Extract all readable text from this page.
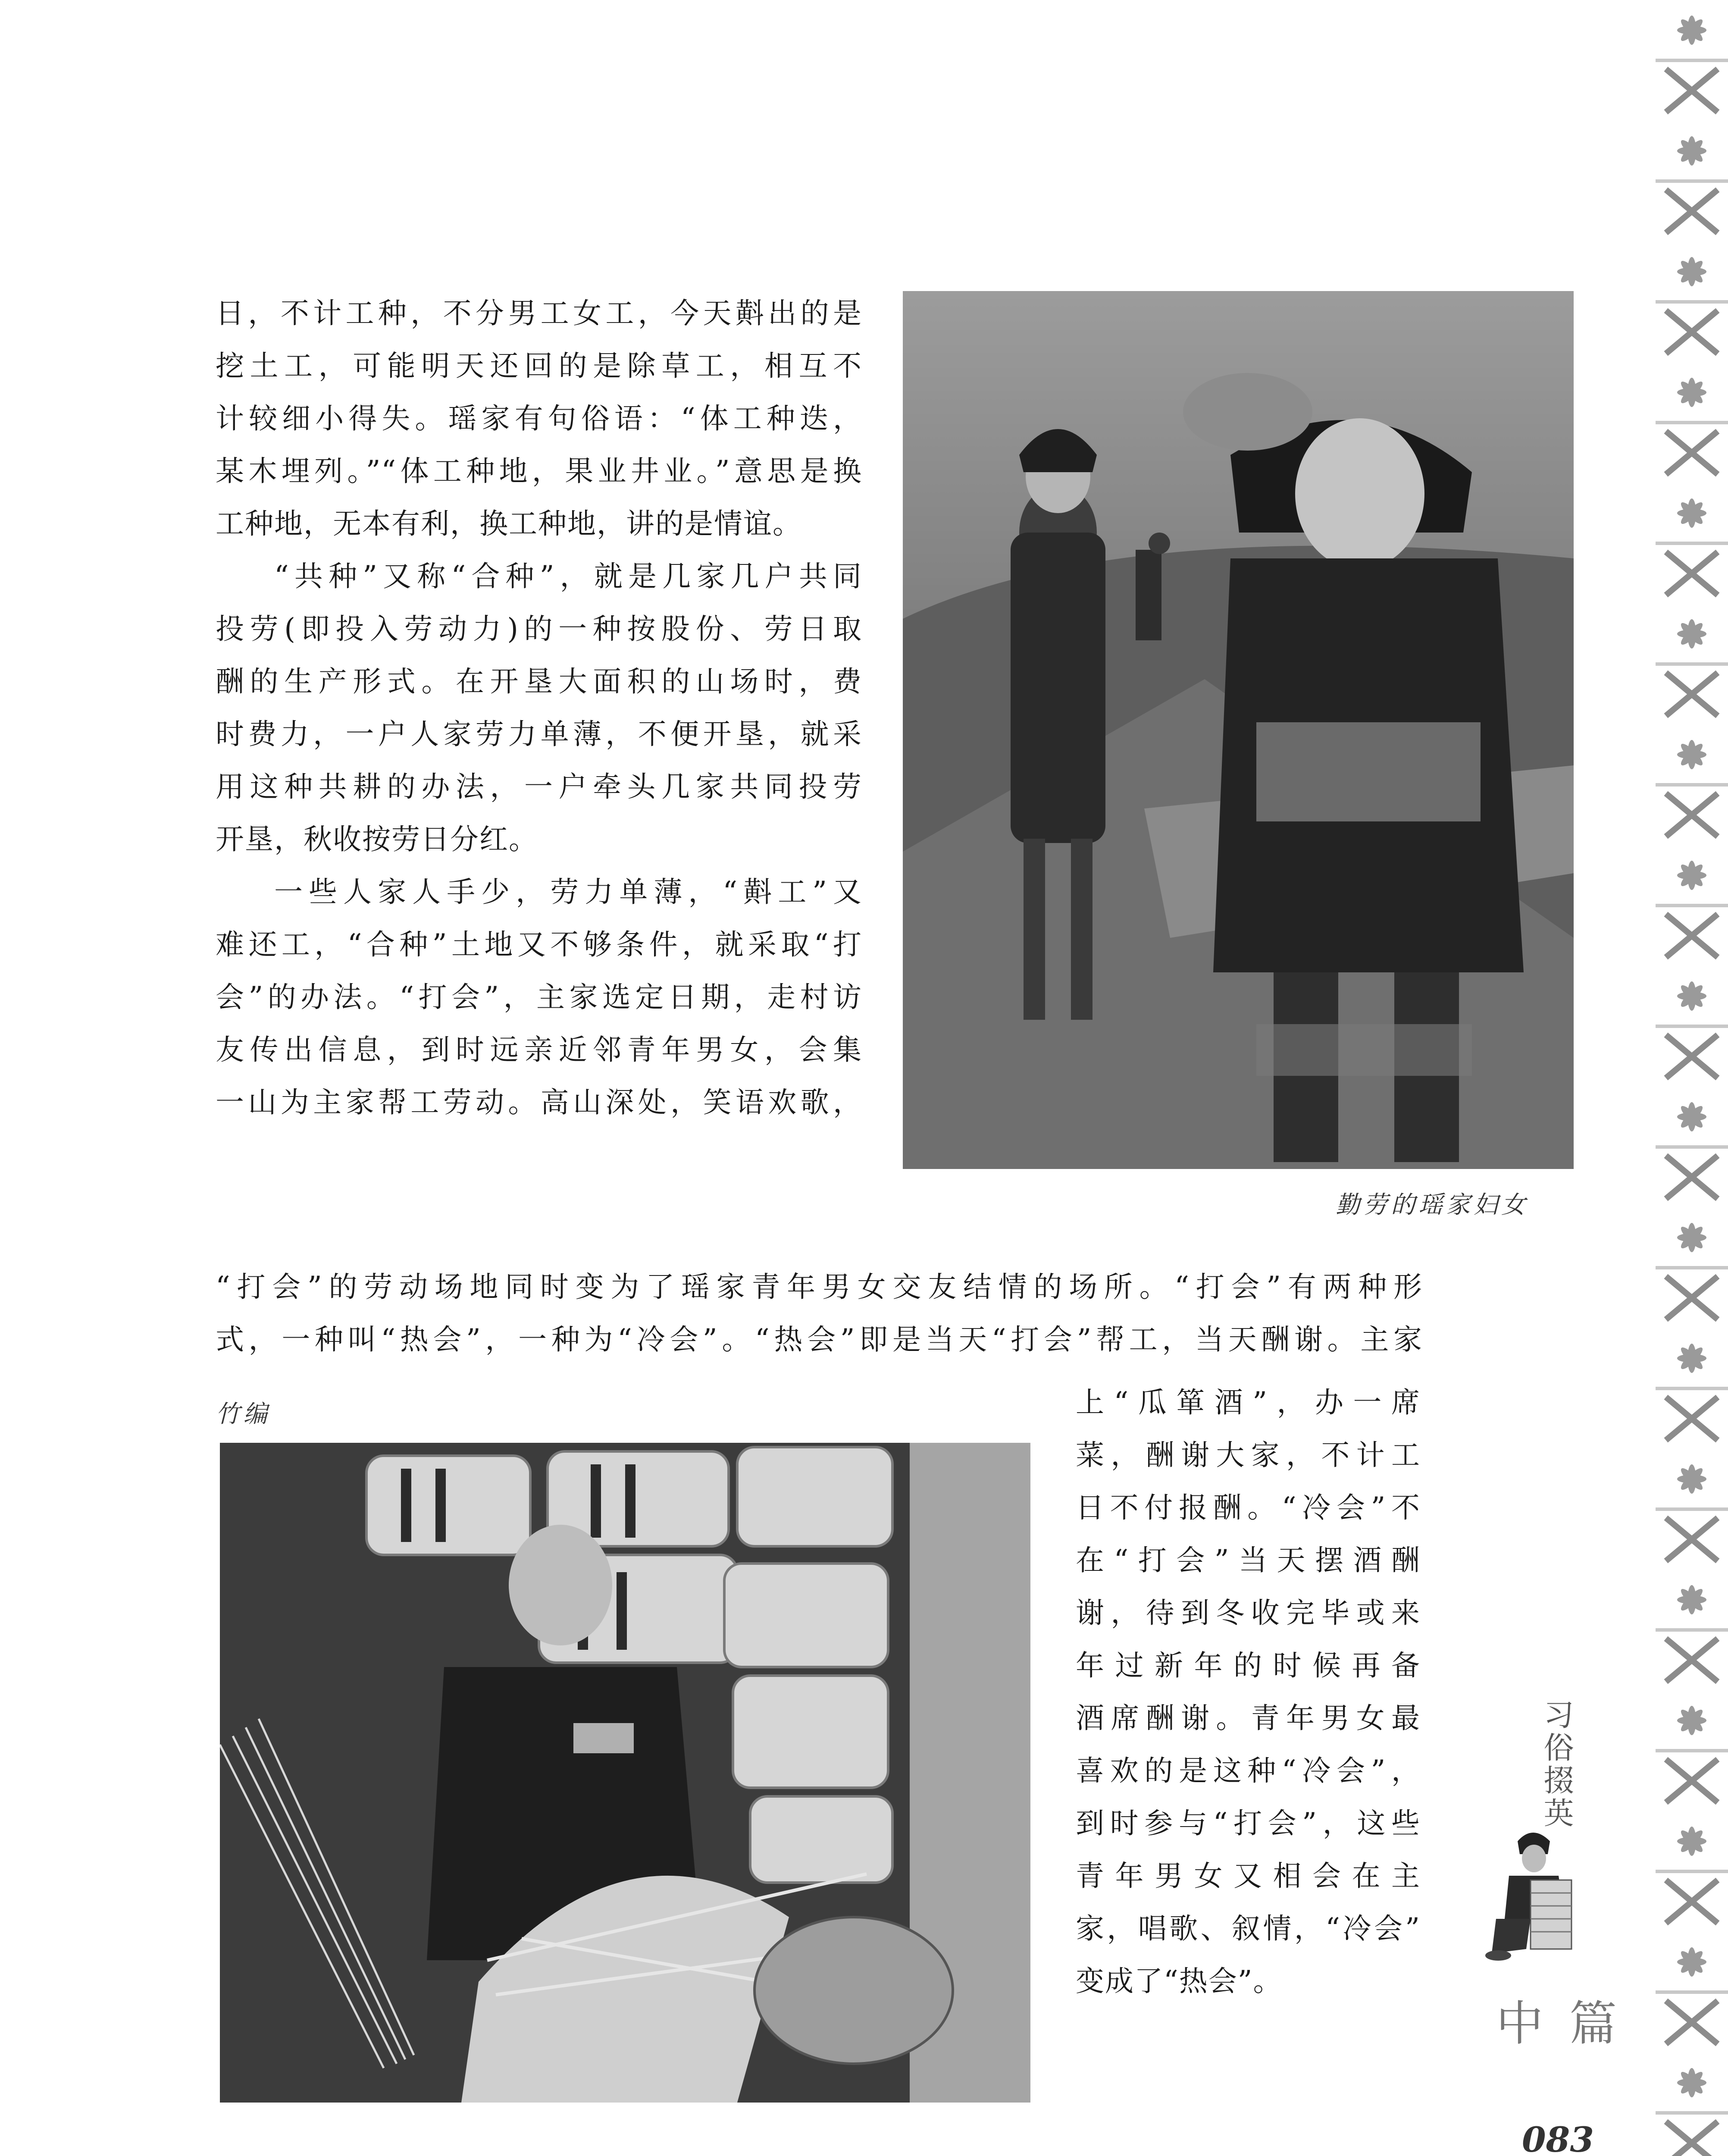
日，不计工种，不分男工女工，今天斢出的是

挖土工，可能明天还回的是除草工，相互不

计较细小得失。瑶家有句俗语：“体工种迭，

某木埋列。”“体工种地，果业井业。”意思是换

工种地，无本有利，换工种地，讲的是情谊。

“共种”又称“合种”，就是几家几户共同

投劳(即投入劳动力)的一种按股份、劳日取

酬的生产形式。在开垦大面积的山场时，费

时费力，一户人家劳力单薄，不便开垦，就采

用这种共耕的办法，一户牵头几家共同投劳

开垦，秋收按劳日分红。

一些人家人手少，劳力单薄，“斢工”又

难还工，“合种”土地又不够条件，就采取“打

会”的办法。“打会”，主家选定日期，走村访

友传出信息，到时远亲近邻青年男女，会集

一山为主家帮工劳动。高山深处，笑语欢歌，

勤劳的瑶家妇女

“打会”的劳动场地同时变为了瑶家青年男女交友结情的场所。“打会”有两种形

式，一种叫“热会”，一种为“冷会”。“热会”即是当天“打会”帮工，当天酬谢。主家

竹编	上“瓜箪酒”，办一席

菜，酬谢大家，不计工

日不付报酬。“冷会”不

在“打会”当天摆酒酬

谢，待到冬收完毕或来

年过新年的时候再备

酒席酬谢。青年男女最

喜欢的是这种“冷会”，

到时参与“打会”，这些

青年男女又相会在主

家，唱歌、叙情，“冷会”

变成了“热会”。

习俗掇英
中篇
083
